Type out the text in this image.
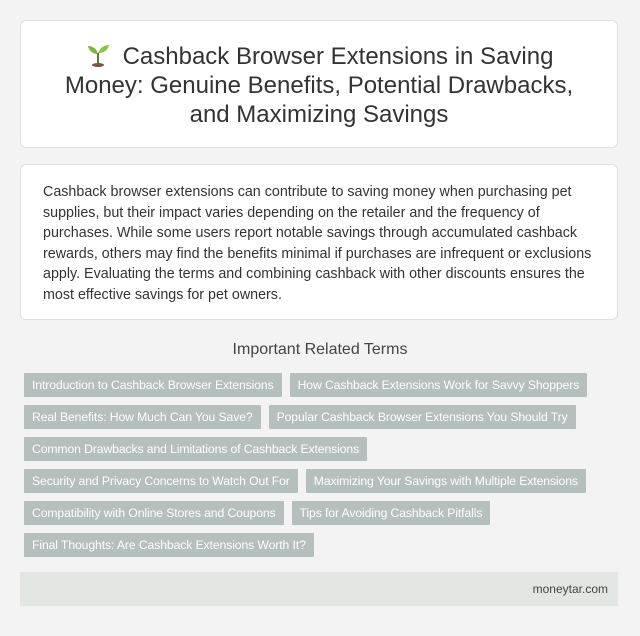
Cashback Browser Extensions in Saving Money: Genuine Benefits, Potential Drawbacks, and Maximizing Savings

Cashback browser extensions can contribute to saving money when purchasing pet supplies, but their impact varies depending on the retailer and the frequency of purchases. While some users report notable savings through accumulated cashback rewards, others may find the benefits minimal if purchases are infrequent or exclusions apply. Evaluating the terms and combining cashback with other discounts ensures the most effective savings for pet owners.

Important Related Terms
Introduction to Cashback Browser Extensions	How Cashback Extensions Work for Savvy Shoppers
Real Benefits: How Much Can You Save?	Popular Cashback Browser Extensions You Should Try
Common Drawbacks and Limitations of Cashback Extensions
Security and Privacy Concerns to Watch Out For	Maximizing Your Savings with Multiple Extensions
Compatibility with Online Stores and Coupons	Tips for Avoiding Cashback Pitfalls
Final Thoughts: Are Cashback Extensions Worth It?
moneytar.com
